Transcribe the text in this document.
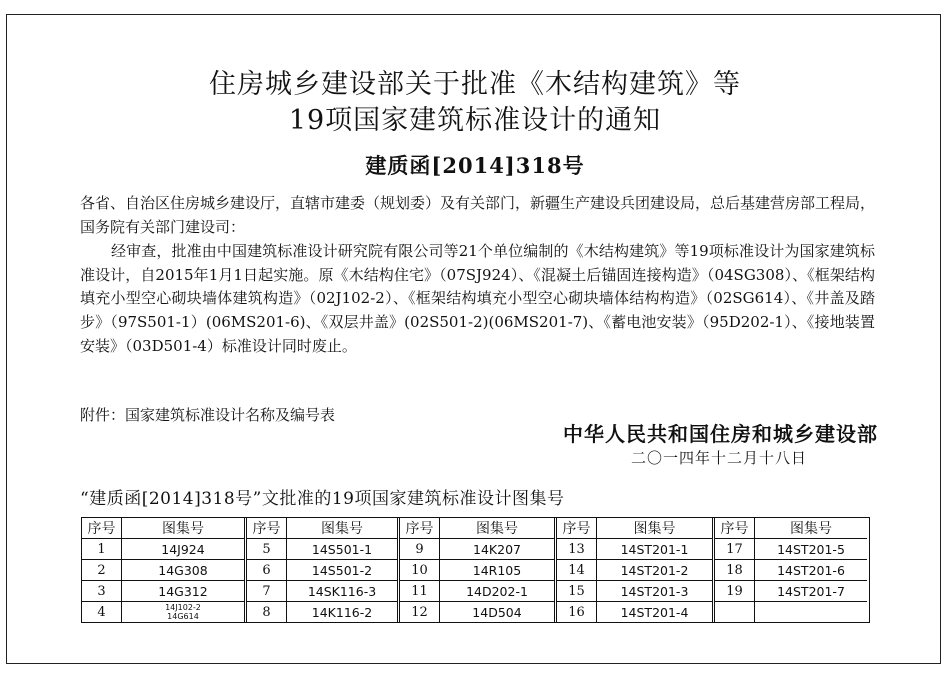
住房城乡建设部关于批准《木结构建筑》等
19项国家建筑标准设计的通知
建质函[2014]318号
各省、自治区住房城乡建设厅，直辖市建委（规划委）及有关部门，新疆生产建设兵团建设局，总后基建营房部工程局，国务院有关部门建设司：
经审查，批准由中国建筑标准设计研究院有限公司等21个单位编制的《木结构建筑》等19项标准设计为国家建筑标准设计，自2015年1月1日起实施。原《木结构住宅》（07SJ924）、《混凝土后锚固连接构造》（04SG308）、《框架结构填充小型空心砌块墙体建筑构造》（02J102-2）、《框架结构填充小型空心砌块墙体结构构造》（02SG614）、《井盖及踏步》（97S501-1）(06MS201-6)、《双层井盖》(02S501-2)(06MS201-7)、《蓄电池安装》（95D202-1）、《接地装置安装》（03D501-4）标准设计同时废止。
附件：国家建筑标准设计名称及编号表
中华人民共和国住房和城乡建设部
二〇一四年十二月十八日
“建质函[2014]318号”文批准的19项国家建筑标准设计图集号
序号	图集号
1	14J924
2	14G308
3	14G312
4	14J102-2
14G614
序号	图集号
5	14S501-1
6	14S501-2
7	14SK116-3
8	14K116-2
序号	图集号
9	14K207
10	14R105
11	14D202-1
12	14D504
序号	图集号
13	14ST201-1
14	14ST201-2
15	14ST201-3
16	14ST201-4
序号	图集号
17	14ST201-5
18	14ST201-6
19	14ST201-7
